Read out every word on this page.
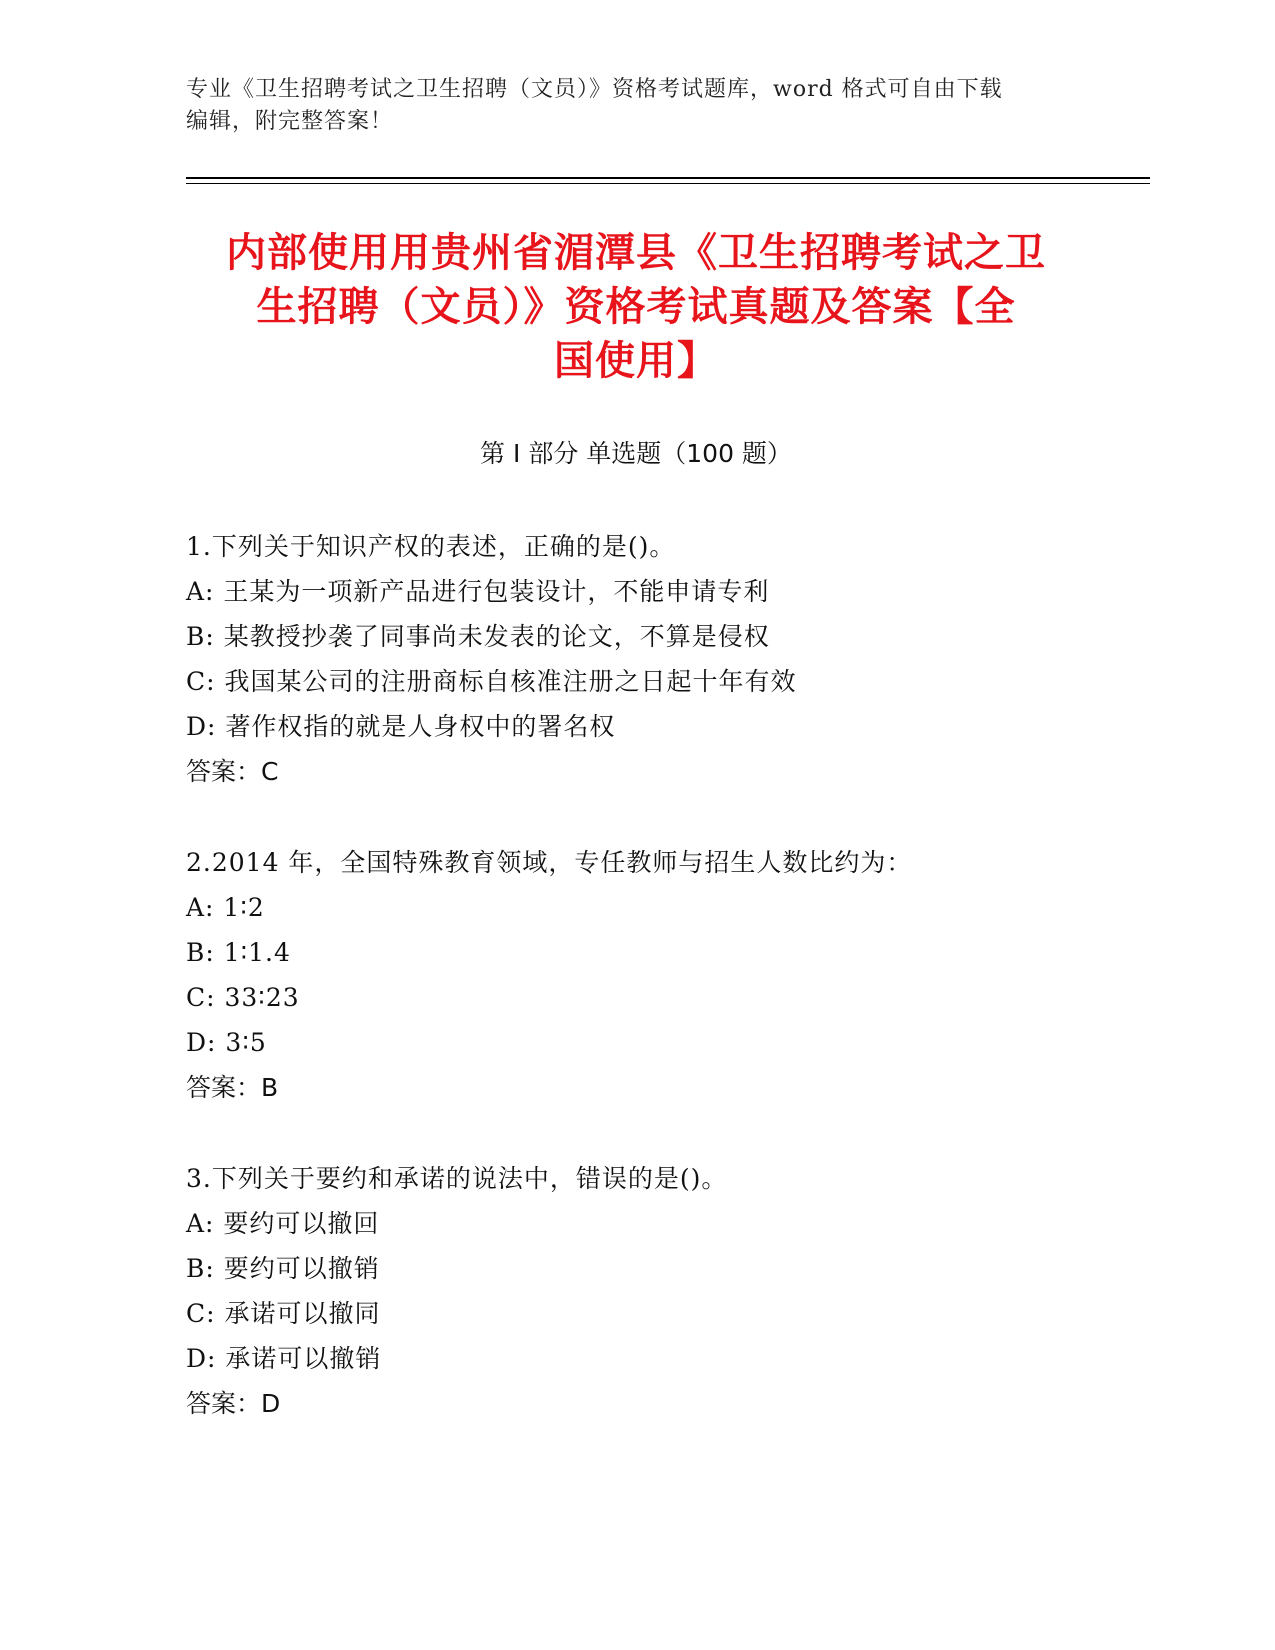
专业《卫生招聘考试之卫生招聘（文员）》资格考试题库，word 格式可自由下载
编辑，附完整答案！
内部使用用贵州省湄潭县《卫生招聘考试之卫
生招聘（文员）》资格考试真题及答案【全
国使用】
第 I 部分 单选题（100 题）
1.下列关于知识产权的表述，正确的是()。
A: 王某为一项新产品进行包装设计，不能申请专利
B: 某教授抄袭了同事尚未发表的论文，不算是侵权
C: 我国某公司的注册商标自核准注册之日起十年有效
D: 著作权指的就是人身权中的署名权
答案：C
2.2014 年，全国特殊教育领域，专任教师与招生人数比约为：
A: 1∶2
B: 1∶1.4
C: 33∶23
D: 3∶5
答案：B
3.下列关于要约和承诺的说法中，错误的是()。
A: 要约可以撤回
B: 要约可以撤销
C: 承诺可以撤同
D: 承诺可以撤销
答案：D
